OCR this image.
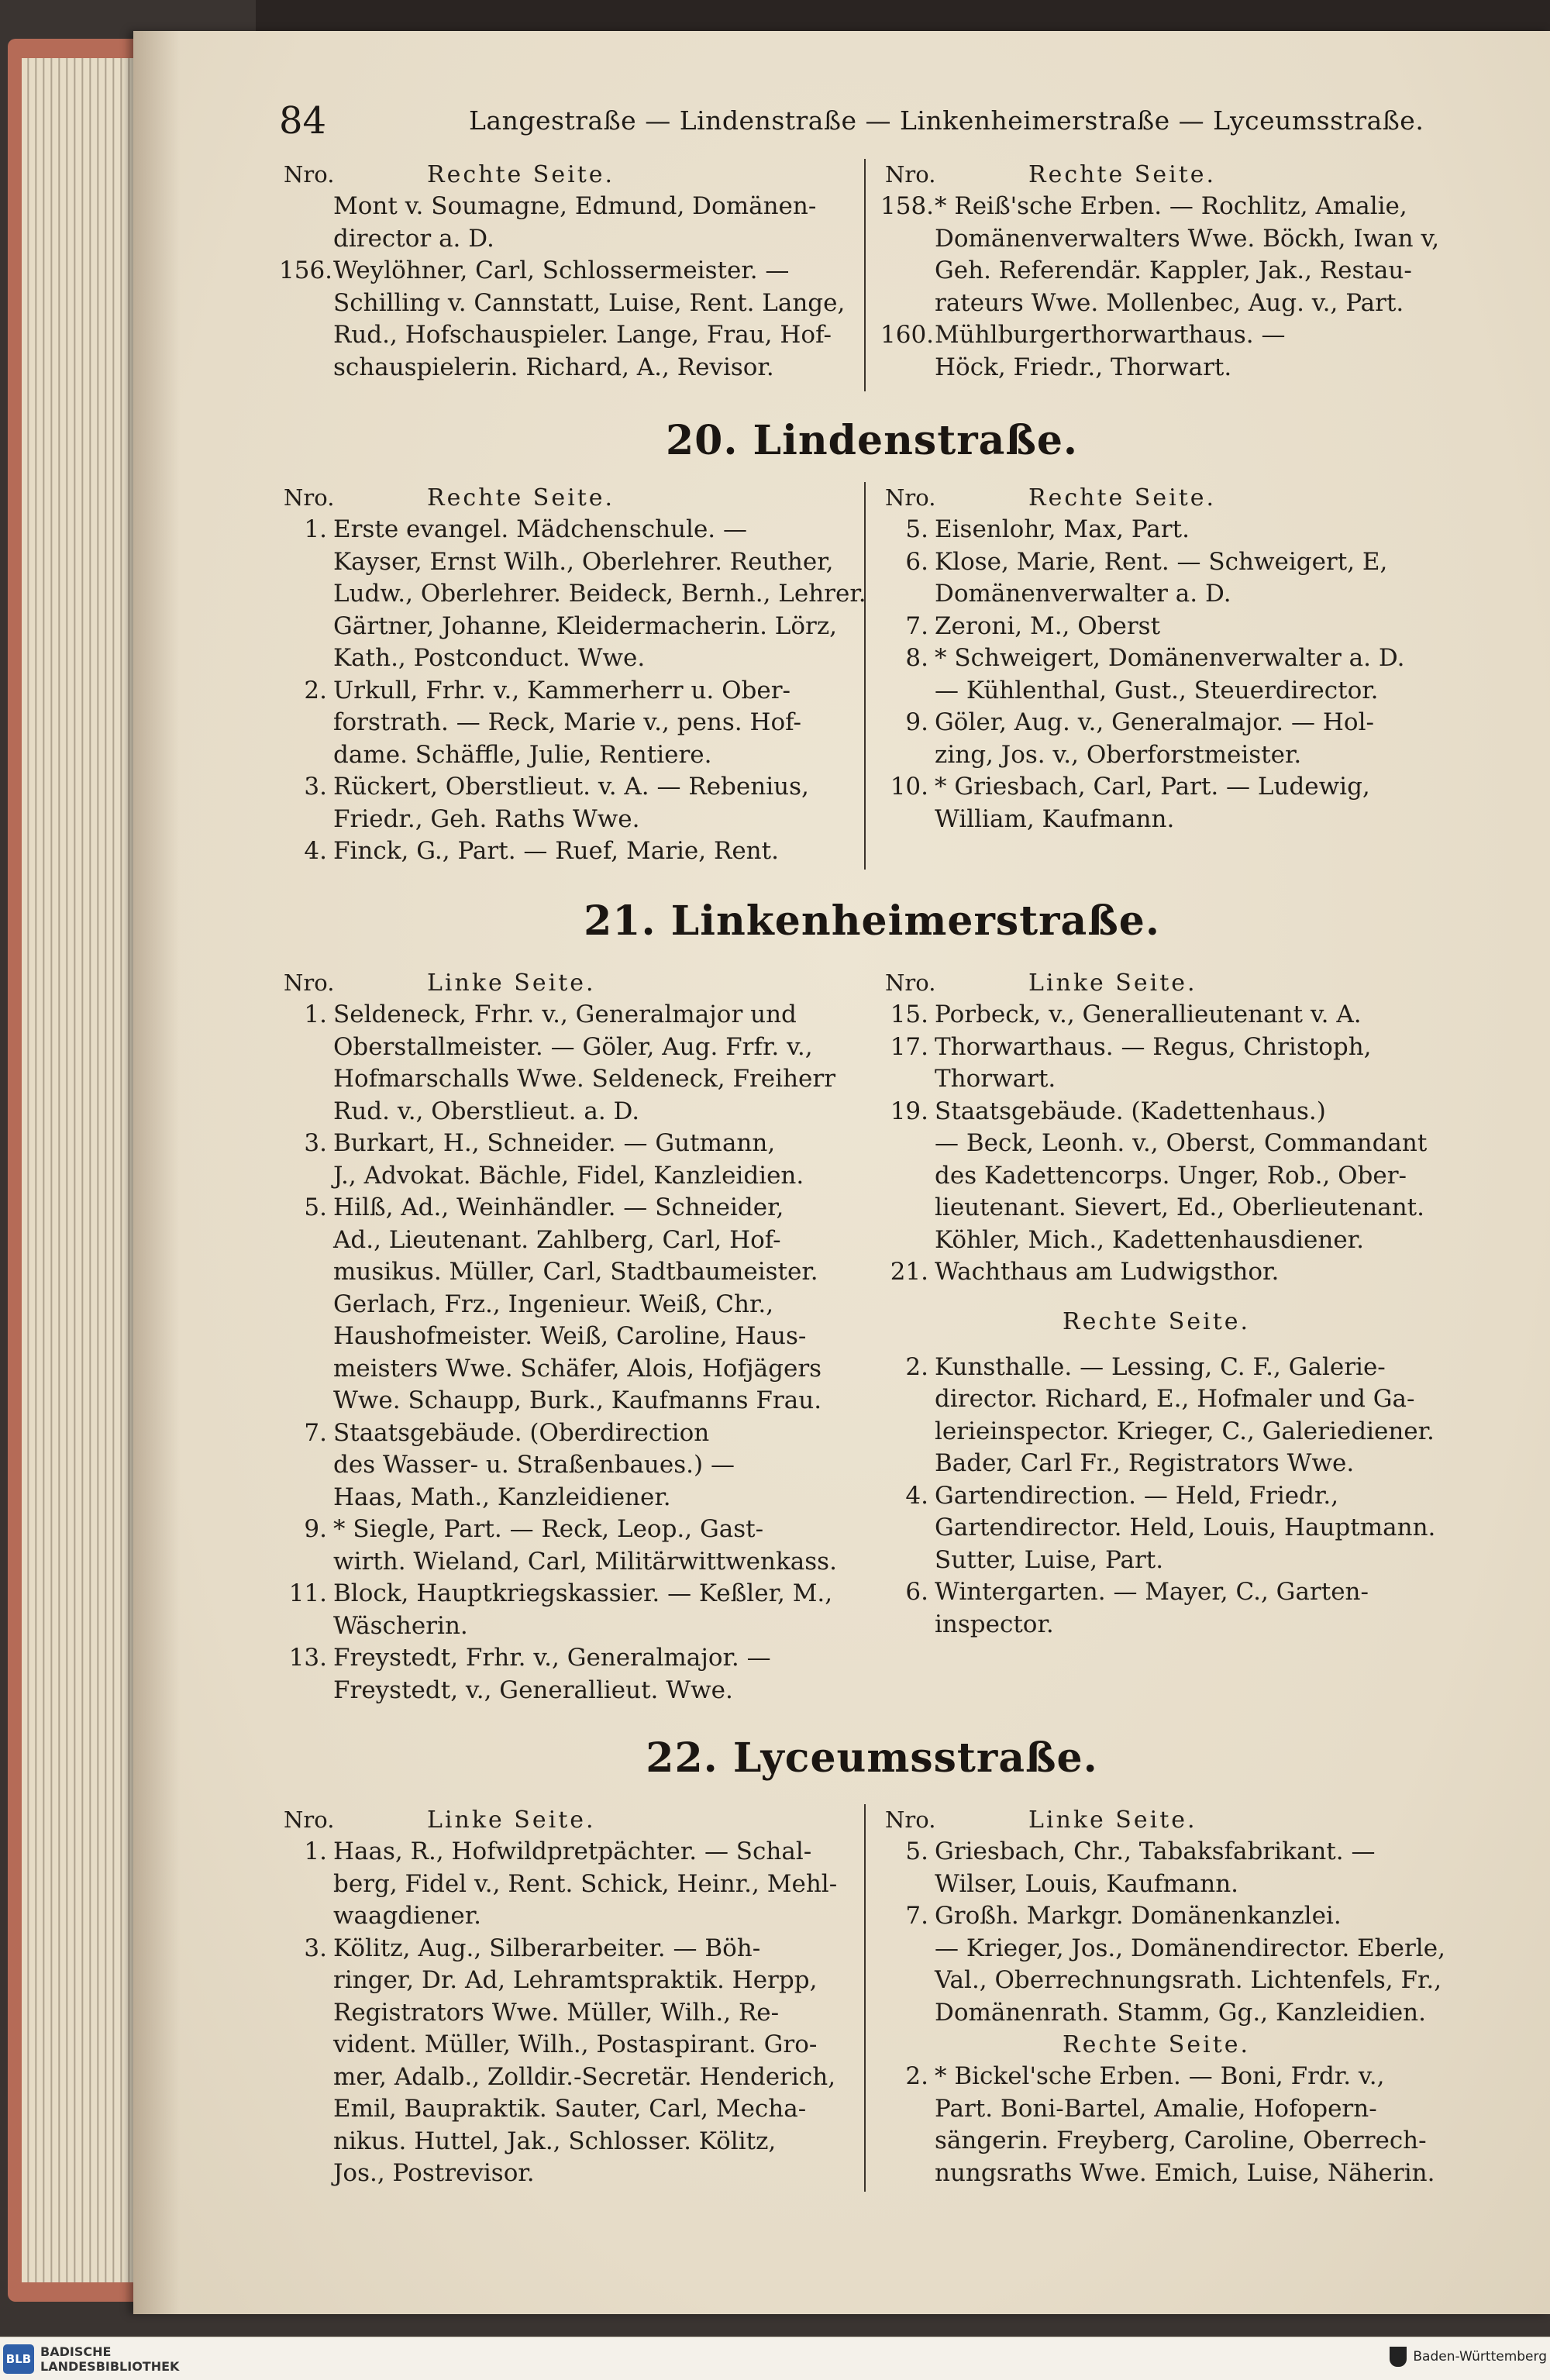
84	Langestraße — Lindenstraße — Linkenheimerstraße — Lyceumsstraße.
Nro.	Rechte Seite.
Mont v. Soumagne, Edmund, Domänen-
director a. D.
156. Weylöhner, Carl, Schlossermeister. —
Schilling v. Cannstatt, Luise, Rent. Lange,
Rud., Hofschauspieler. Lange, Frau, Hof-
schauspielerin. Richard, A., Revisor.
Nro.	Rechte Seite.
158. * Reiß'sche Erben. — Rochlitz, Amalie,
Domänenverwalters Wwe. Böckh, Iwan v,
Geh. Referendär. Kappler, Jak., Restau-
rateurs Wwe. Mollenbec, Aug. v., Part.
160. Mühlburgerthorwarthaus. —
Höck, Friedr., Thorwart.
20. Lindenstraße.
Nro.	Rechte Seite.
1. Erste evangel. Mädchenschule. —
Kayser, Ernst Wilh., Oberlehrer. Reuther,
Ludw., Oberlehrer. Beideck, Bernh., Lehrer.
Gärtner, Johanne, Kleidermacherin. Lörz,
Kath., Postconduct. Wwe.
2. Urkull, Frhr. v., Kammerherr u. Ober-
forstrath. — Reck, Marie v., pens. Hof-
dame. Schäffle, Julie, Rentiere.
3. Rückert, Oberstlieut. v. A. — Rebenius,
Friedr., Geh. Raths Wwe.
4. Finck, G., Part. — Ruef, Marie, Rent.
Nro.	Rechte Seite.
5. Eisenlohr, Max, Part.
6. Klose, Marie, Rent. — Schweigert, E,
Domänenverwalter a. D.
7. Zeroni, M., Oberst
8. * Schweigert, Domänenverwalter a. D.
— Kühlenthal, Gust., Steuerdirector.
9. Göler, Aug. v., Generalmajor. — Hol-
zing, Jos. v., Oberforstmeister.
10. * Griesbach, Carl, Part. — Ludewig,
William, Kaufmann.
21. Linkenheimerstraße.
Nro.	Linke Seite.
1. Seldeneck, Frhr. v., Generalmajor und
Oberstallmeister. — Göler, Aug. Frfr. v.,
Hofmarschalls Wwe. Seldeneck, Freiherr
Rud. v., Oberstlieut. a. D.
3. Burkart, H., Schneider. — Gutmann,
J., Advokat. Bächle, Fidel, Kanzleidien.
5. Hilß, Ad., Weinhändler. — Schneider,
Ad., Lieutenant. Zahlberg, Carl, Hof-
musikus. Müller, Carl, Stadtbaumeister.
Gerlach, Frz., Ingenieur. Weiß, Chr.,
Haushofmeister. Weiß, Caroline, Haus-
meisters Wwe. Schäfer, Alois, Hofjägers
Wwe. Schaupp, Burk., Kaufmanns Frau.
7. Staatsgebäude. (Oberdirection
des Wasser- u. Straßenbaues.) —
Haas, Math., Kanzleidiener.
9. * Siegle, Part. — Reck, Leop., Gast-
wirth. Wieland, Carl, Militärwittwenkass.
11. Block, Hauptkriegskassier. — Keßler, M.,
Wäscherin.
13. Freystedt, Frhr. v., Generalmajor. —
Freystedt, v., Generallieut. Wwe.
Nro.	Linke Seite.
15. Porbeck, v., Generallieutenant v. A.
17. Thorwarthaus. — Regus, Christoph,
Thorwart.
19. Staatsgebäude. (Kadettenhaus.)
— Beck, Leonh. v., Oberst, Commandant
des Kadettencorps. Unger, Rob., Ober-
lieutenant. Sievert, Ed., Oberlieutenant.
Köhler, Mich., Kadettenhausdiener.
21. Wachthaus am Ludwigsthor.
Rechte Seite.
2. Kunsthalle. — Lessing, C. F., Galerie-
director. Richard, E., Hofmaler und Ga-
lerieinspector. Krieger, C., Galeriediener.
Bader, Carl Fr., Registrators Wwe.
4. Gartendirection. — Held, Friedr.,
Gartendirector. Held, Louis, Hauptmann.
Sutter, Luise, Part.
6. Wintergarten. — Mayer, C., Garten-
inspector.
22. Lyceumsstraße.
Nro.	Linke Seite.
1. Haas, R., Hofwildpretpächter. — Schal-
berg, Fidel v., Rent. Schick, Heinr., Mehl-
waagdiener.
3. Kölitz, Aug., Silberarbeiter. — Böh-
ringer, Dr. Ad, Lehramtspraktik. Herpp,
Registrators Wwe. Müller, Wilh., Re-
vident. Müller, Wilh., Postaspirant. Gro-
mer, Adalb., Zolldir.-Secretär. Henderich,
Emil, Baupraktik. Sauter, Carl, Mecha-
nikus. Huttel, Jak., Schlosser. Kölitz,
Jos., Postrevisor.
Nro.	Linke Seite.
5. Griesbach, Chr., Tabaksfabrikant. —
Wilser, Louis, Kaufmann.
7. Großh. Markgr. Domänenkanzlei.
— Krieger, Jos., Domänendirector. Eberle,
Val., Oberrechnungsrath. Lichtenfels, Fr.,
Domänenrath. Stamm, Gg., Kanzleidien.
Rechte Seite.
2. * Bickel'sche Erben. — Boni, Frdr. v.,
Part. Boni-Bartel, Amalie, Hofopern-
sängerin. Freyberg, Caroline, Oberrech-
nungsraths Wwe. Emich, Luise, Näherin.
BLB BADISCHE
LANDESBIBLIOTHEK
Baden-Württemberg
